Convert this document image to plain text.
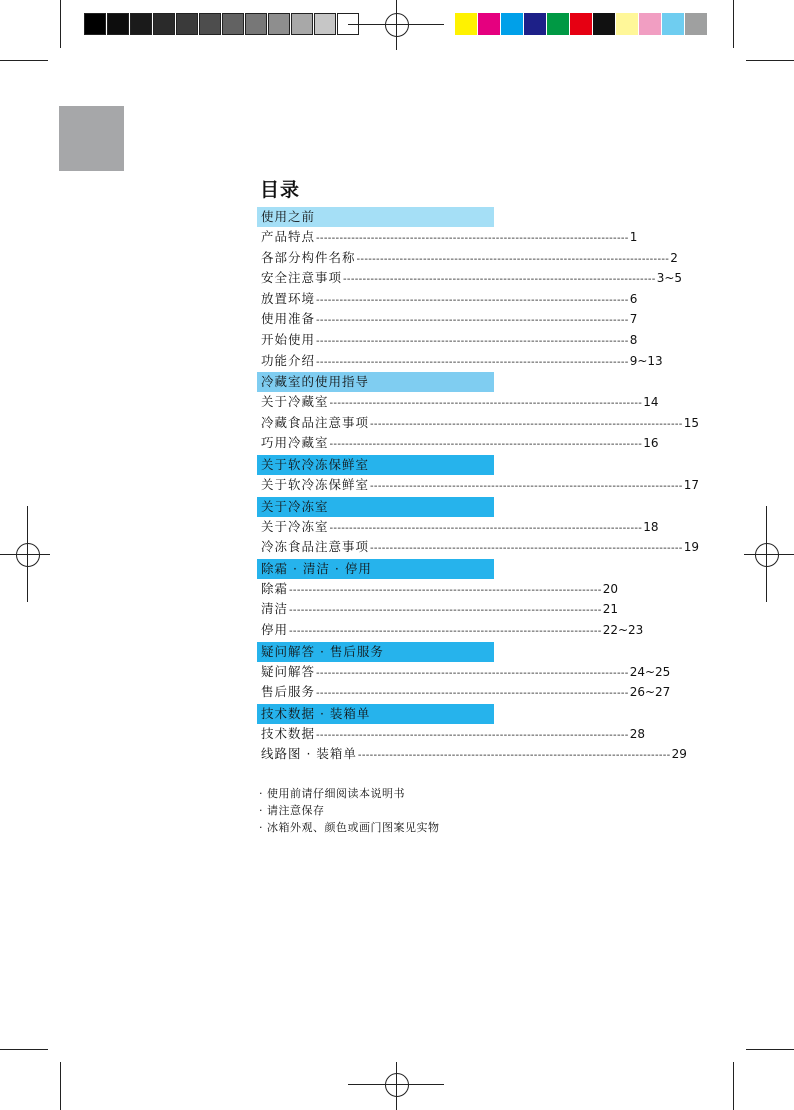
目录
使用之前
产品特点 -------------------------------------------------------------------------------- 1
各部分构件名称 -------------------------------------------------------------------------------- 2
安全注意事项 -------------------------------------------------------------------------------- 3~5
放置环境 -------------------------------------------------------------------------------- 6
使用准备 -------------------------------------------------------------------------------- 7
开始使用 -------------------------------------------------------------------------------- 8
功能介绍 -------------------------------------------------------------------------------- 9~13
冷藏室的使用指导
关于冷藏室 -------------------------------------------------------------------------------- 14
冷藏食品注意事项 -------------------------------------------------------------------------------- 15
巧用冷藏室 -------------------------------------------------------------------------------- 16
关于软冷冻保鲜室
关于软冷冻保鲜室 -------------------------------------------------------------------------------- 17
关于冷冻室
关于冷冻室 -------------------------------------------------------------------------------- 18
冷冻食品注意事项 -------------------------------------------------------------------------------- 19
除霜 · 清洁 · 停用
除霜 -------------------------------------------------------------------------------- 20
清洁 -------------------------------------------------------------------------------- 21
停用 -------------------------------------------------------------------------------- 22~23
疑问解答 · 售后服务
疑问解答 -------------------------------------------------------------------------------- 24~25
售后服务 -------------------------------------------------------------------------------- 26~27
技术数据 · 装箱单
技术数据 -------------------------------------------------------------------------------- 28
线路图 · 装箱单 -------------------------------------------------------------------------------- 29
· 使用前请仔细阅读本说明书
· 请注意保存
· 冰箱外观、颜色或画门图案见实物
